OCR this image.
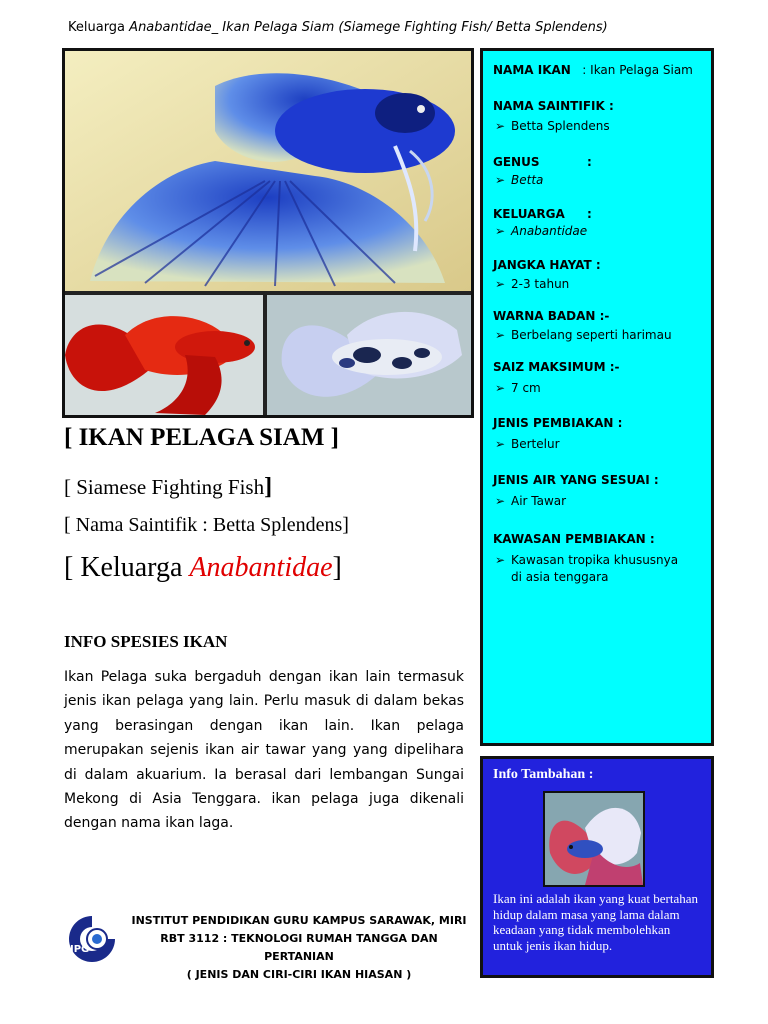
Keluarga Anabantidae_ Ikan Pelaga Siam (Siamege Fighting Fish/ Betta Splendens)
NAMA IKAN : Ikan Pelaga Siam
NAMA SAINTIFIK :
➢ Betta Splendens
GENUS	:
➢ Betta
KELUARGA :
➢ Anabantidae
JANGKA HAYAT :
➢ 2-3 tahun
WARNA BADAN :-
➢ Berbelang seperti harimau
SAIZ MAKSIMUM :-
➢ 7 cm
JENIS PEMBIAKAN :
➢ Bertelur
JENIS AIR YANG SESUAI :
➢ Air Tawar
KAWASAN PEMBIAKAN :
➢ Kawasan tropika khususnya
di asia tenggara
[ IKAN PELAGA SIAM ]
[ Siamese Fighting Fish]
[ Nama Saintifik : Betta Splendens]
[ Keluarga Anabantidae]
INFO SPESIES IKAN
Ikan Pelaga suka bergaduh dengan ikan lain termasuk jenis ikan pelaga yang lain. Perlu masuk di dalam bekas yang berasingan dengan ikan lain. Ikan pelaga merupakan sejenis ikan air tawar yang yang dipelihara di dalam akuarium. Ia berasal dari lembangan Sungai Mekong di Asia Tenggara. ikan pelaga juga dikenali dengan nama ikan laga.
IPG
INSTITUT PENDIDIKAN GURU KAMPUS SARAWAK, MIRI
RBT 3112 : TEKNOLOGI RUMAH TANGGA DAN PERTANIAN
( JENIS DAN CIRI-CIRI IKAN HIASAN )
Info Tambahan :
Ikan ini adalah ikan yang kuat bertahan hidup dalam masa yang lama dalam keadaan yang tidak membolehkan untuk jenis ikan hidup.
